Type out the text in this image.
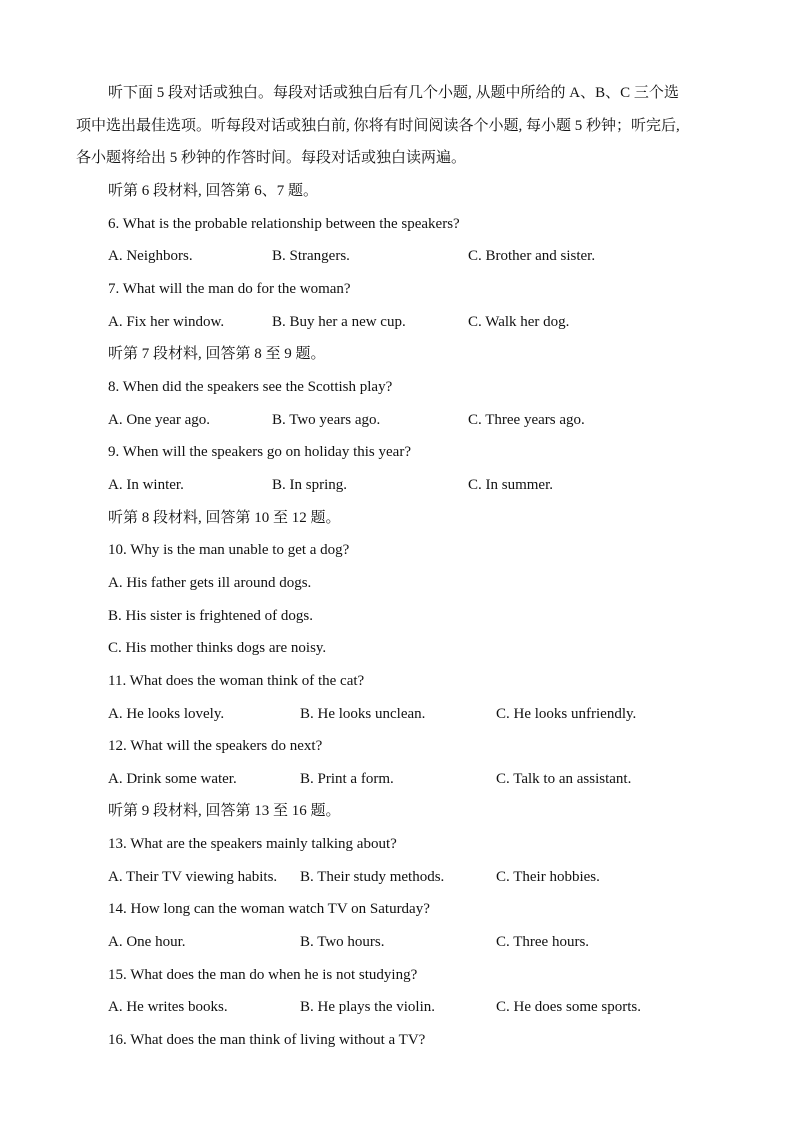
听下面 5 段对话或独白。每段对话或独白后有几个小题, 从题中所给的 A、B、C 三个选
项中选出最佳选项。听每段对话或独白前, 你将有时间阅读各个小题, 每小题 5 秒钟；听完后,
各小题将给出 5 秒钟的作答时间。每段对话或独白读两遍。
听第 6 段材料, 回答第 6、7 题。
6. What is the probable relationship between the speakers?
A. Neighbors.	B. Strangers.	C. Brother and sister.
7. What will the man do for the woman?
A. Fix her window.	B. Buy her a new cup.	C. Walk her dog.
听第 7 段材料, 回答第 8 至 9 题。
8. When did the speakers see the Scottish play?
A. One year ago.	B. Two years ago.	C. Three years ago.
9. When will the speakers go on holiday this year?
A. In winter.	B. In spring.	C. In summer.
听第 8 段材料, 回答第 10 至 12 题。
10. Why is the man unable to get a dog?
A. His father gets ill around dogs.
B. His sister is frightened of dogs.
C. His mother thinks dogs are noisy.
11. What does the woman think of the cat?
A. He looks lovely.	B. He looks unclean.	C. He looks unfriendly.
12. What will the speakers do next?
A. Drink some water.	B. Print a form.	C. Talk to an assistant.
听第 9 段材料, 回答第 13 至 16 题。
13. What are the speakers mainly talking about?
A. Their TV viewing habits. B. Their study methods.	C. Their hobbies.
14. How long can the woman watch TV on Saturday?
A. One hour.	B. Two hours.	C. Three hours.
15. What does the man do when he is not studying?
A. He writes books.	B. He plays the violin.	C. He does some sports.
16. What does the man think of living without a TV?
